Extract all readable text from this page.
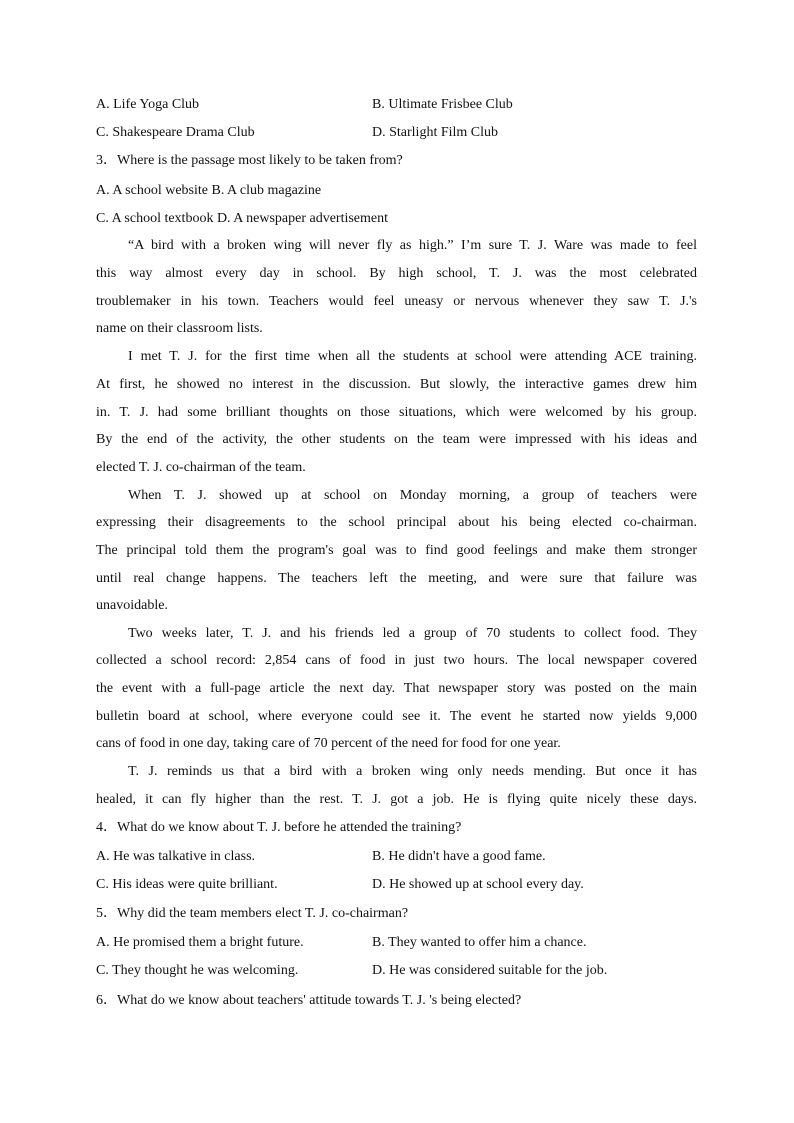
A. Life Yoga Club	B. Ultimate Frisbee Club
C. Shakespeare Drama Club	D. Starlight Film Club
3．Where is the passage most likely to be taken from?
A. A school website B. A club magazine
C. A school textbook D. A newspaper advertisement
“A bird with a broken wing will never fly as high.” I’m sure T. J. Ware was made to feel
this way almost every day in school. By high school, T. J. was the most celebrated
troublemaker in his town. Teachers would feel uneasy or nervous whenever they saw T. J.'s
name on their classroom lists.
I met T. J. for the first time when all the students at school were attending ACE training.
At first, he showed no interest in the discussion. But slowly, the interactive games drew him
in. T. J. had some brilliant thoughts on those situations, which were welcomed by his group.
By the end of the activity, the other students on the team were impressed with his ideas and
elected T. J. co-chairman of the team.
When T. J. showed up at school on Monday morning, a group of teachers were
expressing their disagreements to the school principal about his being elected co-chairman.
The principal told them the program's goal was to find good feelings and make them stronger
until real change happens. The teachers left the meeting, and were sure that failure was
unavoidable.
Two weeks later, T. J. and his friends led a group of 70 students to collect food. They
collected a school record: 2,854 cans of food in just two hours. The local newspaper covered
the event with a full-page article the next day. That newspaper story was posted on the main
bulletin board at school, where everyone could see it. The event he started now yields 9,000
cans of food in one day, taking care of 70 percent of the need for food for one year.
T. J. reminds us that a bird with a broken wing only needs mending. But once it has
healed, it can fly higher than the rest. T. J. got a job. He is flying quite nicely these days.
4．What do we know about T. J. before he attended the training?
A. He was talkative in class.	B. He didn't have a good fame.
C. His ideas were quite brilliant.	D. He showed up at school every day.
5．Why did the team members elect T. J. co-chairman?
A. He promised them a bright future.	B. They wanted to offer him a chance.
C. They thought he was welcoming.	D. He was considered suitable for the job.
6．What do we know about teachers' attitude towards T. J. 's being elected?
